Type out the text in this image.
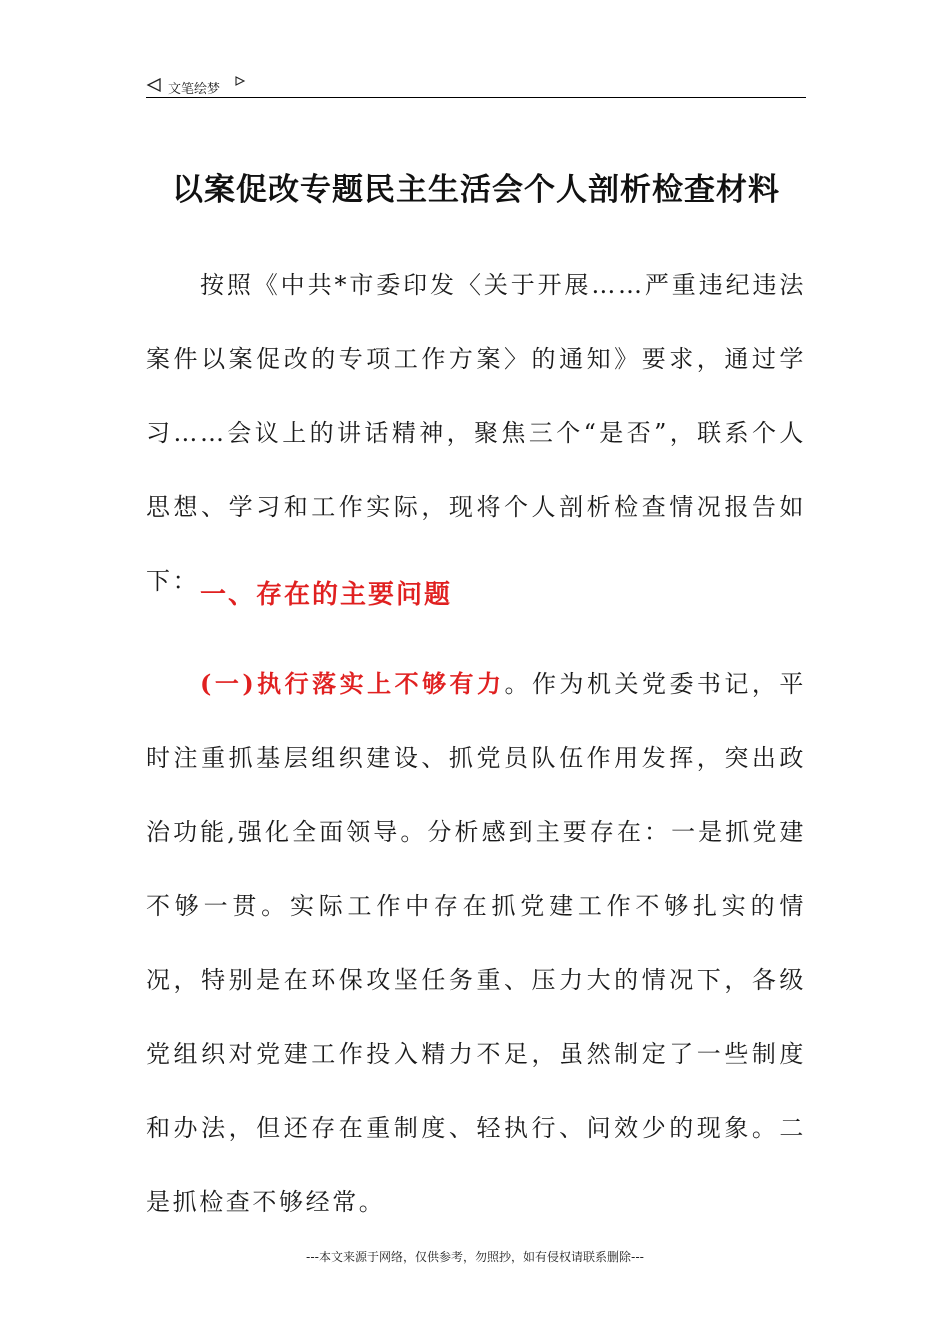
文笔绘梦
以案促改专题民主生活会个人剖析检查材料
按照《中共*市委印发〈关于开展……严重违纪违法案件以案促改的专项工作方案〉的通知》要求，通过学习……会议上的讲话精神，聚焦三个“是否”，联系个人思想、学习和工作实际，现将个人剖析检查情况报告如下： 一、存在的主要问题
(一)执行落实上不够有力。作为机关党委书记，平时注重抓基层组织建设、抓党员队伍作用发挥，突出政治功能,强化全面领导。分析感到主要存在：一是抓党建不够一贯。实际工作中存在抓党建工作不够扎实的情况，特别是在环保攻坚任务重、压力大的情况下，各级党组织对党建工作投入精力不足，虽然制定了一些制度和办法，但还存在重制度、轻执行、问效少的现象。二是抓检查不够经常。
---本文来源于网络，仅供参考，勿照抄，如有侵权请联系删除---
